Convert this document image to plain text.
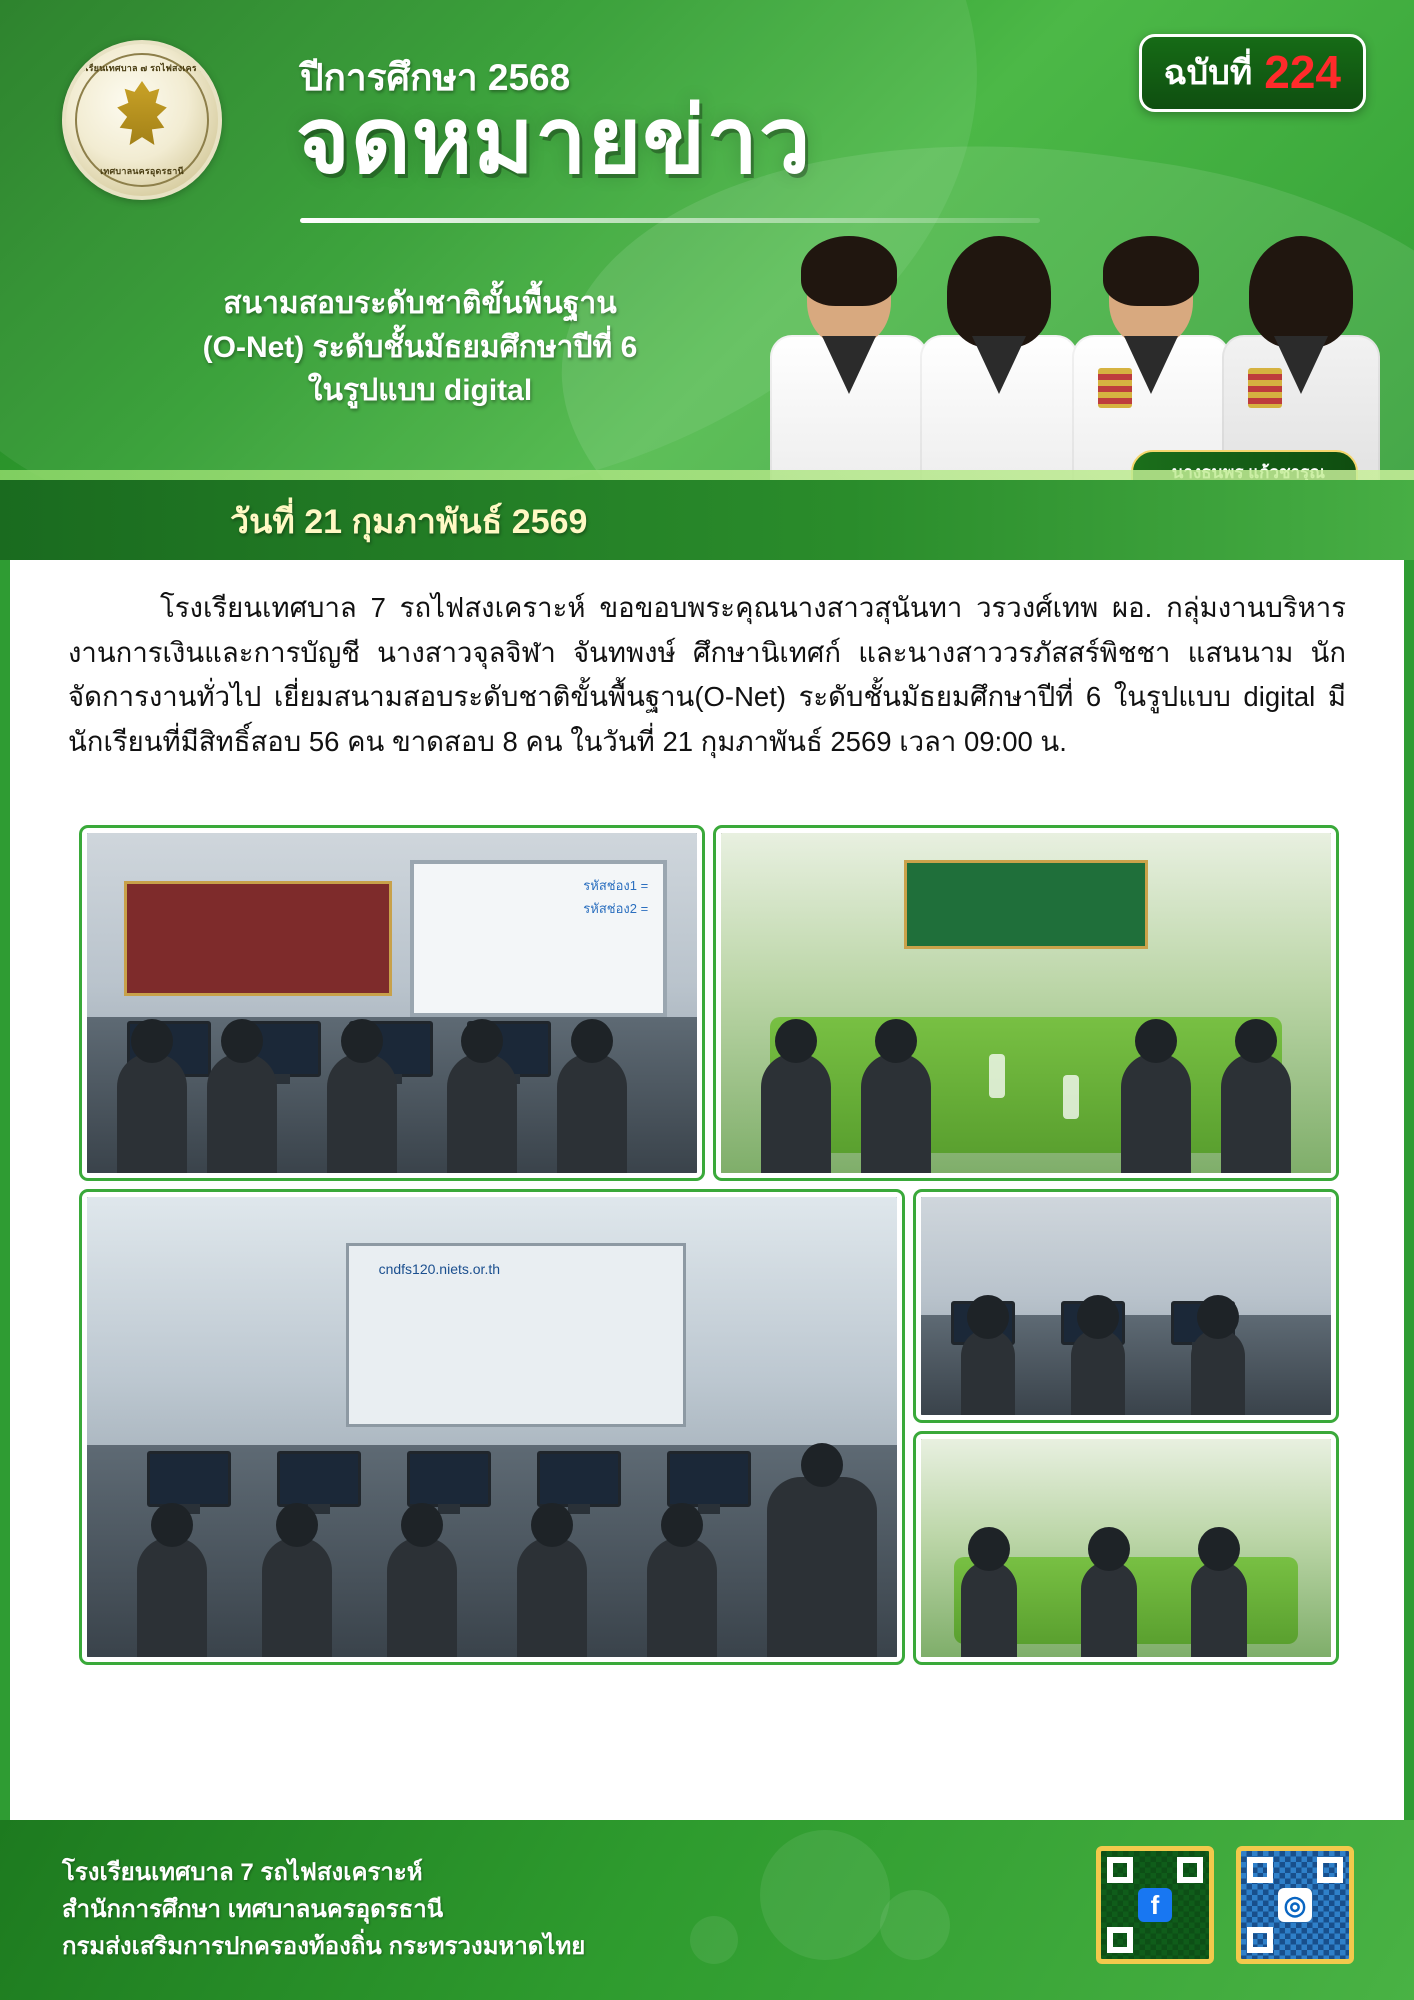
โรงเรียนเทศบาล ๗ รถไฟสงเคราะห์
เทศบาลนครอุดรธานี
ปีการศึกษา 2568
จดหมายข่าว
สนามสอบระดับชาติขั้นพื้นฐาน
(O-Net) ระดับชั้นมัธยมศึกษาปีที่ 6
ในรูปแบบ digital
ฉบับที่ 224
วันที่ 21 กุมภาพันธ์ 2569

โรงเรียนเทศบาล 7 รถไฟสงเคราะห์ ขอขอบพระคุณนางสาวสุนันทา วรวงศ์เทพ ผอ. กลุ่มงานบริหารงานการเงินและการบัญชี นางสาวจุลจิฬา จันทพงษ์ ศึกษานิเทศก์ และนางสาววรภัสสร์พิชชา แสนนาม นักจัดการงานทั่วไป เยี่ยมสนามสอบระดับชาติขั้นพื้นฐาน(O-Net) ระดับชั้นมัธยมศึกษาปีที่ 6 ในรูปแบบ digital มีนักเรียนที่มีสิทธิ์สอบ 56 คน ขาดสอบ 8 คน ในวันที่ 21 กุมภาพันธ์ 2569 เวลา 09:00 น.

รหัสช่อง1 =
รหัสช่อง2 =
cndfs120.niets.or.th
โรงเรียนเทศบาล 7 รถไฟสงเคราะห์
สำนักการศึกษา เทศบาลนครอุดรธานี
กรมส่งเสริมการปกครองท้องถิ่น กระทรวงมหาดไทย
f	◎
